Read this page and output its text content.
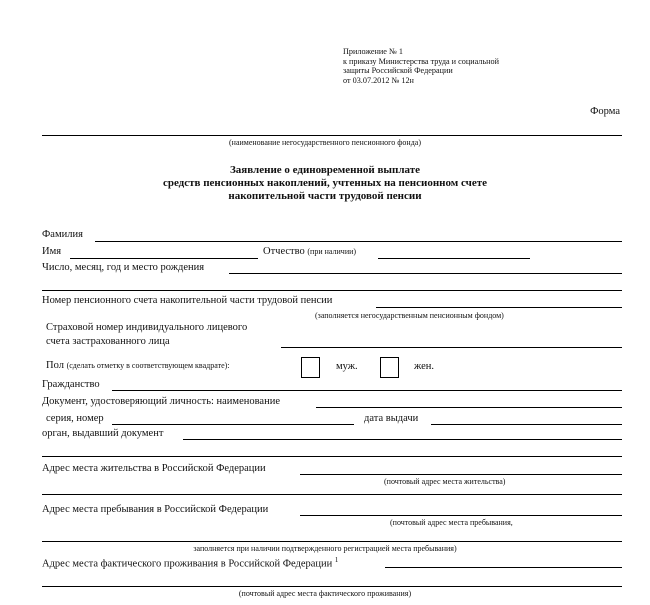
Приложение № 1
к приказу Министерства труда и социальной
защиты Российской Федерации
от 03.07.2012 № 12н
Форма
(наименование негосударственного пенсионного фонда)
Заявление о единовременной выплате
средств пенсионных накоплений, учтенных на пенсионном счете
накопительной части трудовой пенсии
Фамилия
Имя	Отчество (при наличии)
Число, месяц, год и место рождения
Номер пенсионного счета накопительной части трудовой пенсии
(заполняется негосударственным пенсионным фондом)
Страховой номер индивидуального лицевого
счета застрахованного лица
Пол (сделать отметку в соответствующем квадрате):	муж.	жен.
Гражданство
Документ, удостоверяющий личность: наименование
серия, номер	дата выдачи
орган, выдавший документ
Адрес места жительства в Российской Федерации
(почтовый адрес места жительства)
Адрес места пребывания в Российской Федерации
(почтовый адрес места пребывания,
заполняется при наличии подтвержденного регистрацией места пребывания)
Адрес места фактического проживания в Российской Федерации $^1$
(почтовый адрес места фактического проживания)
